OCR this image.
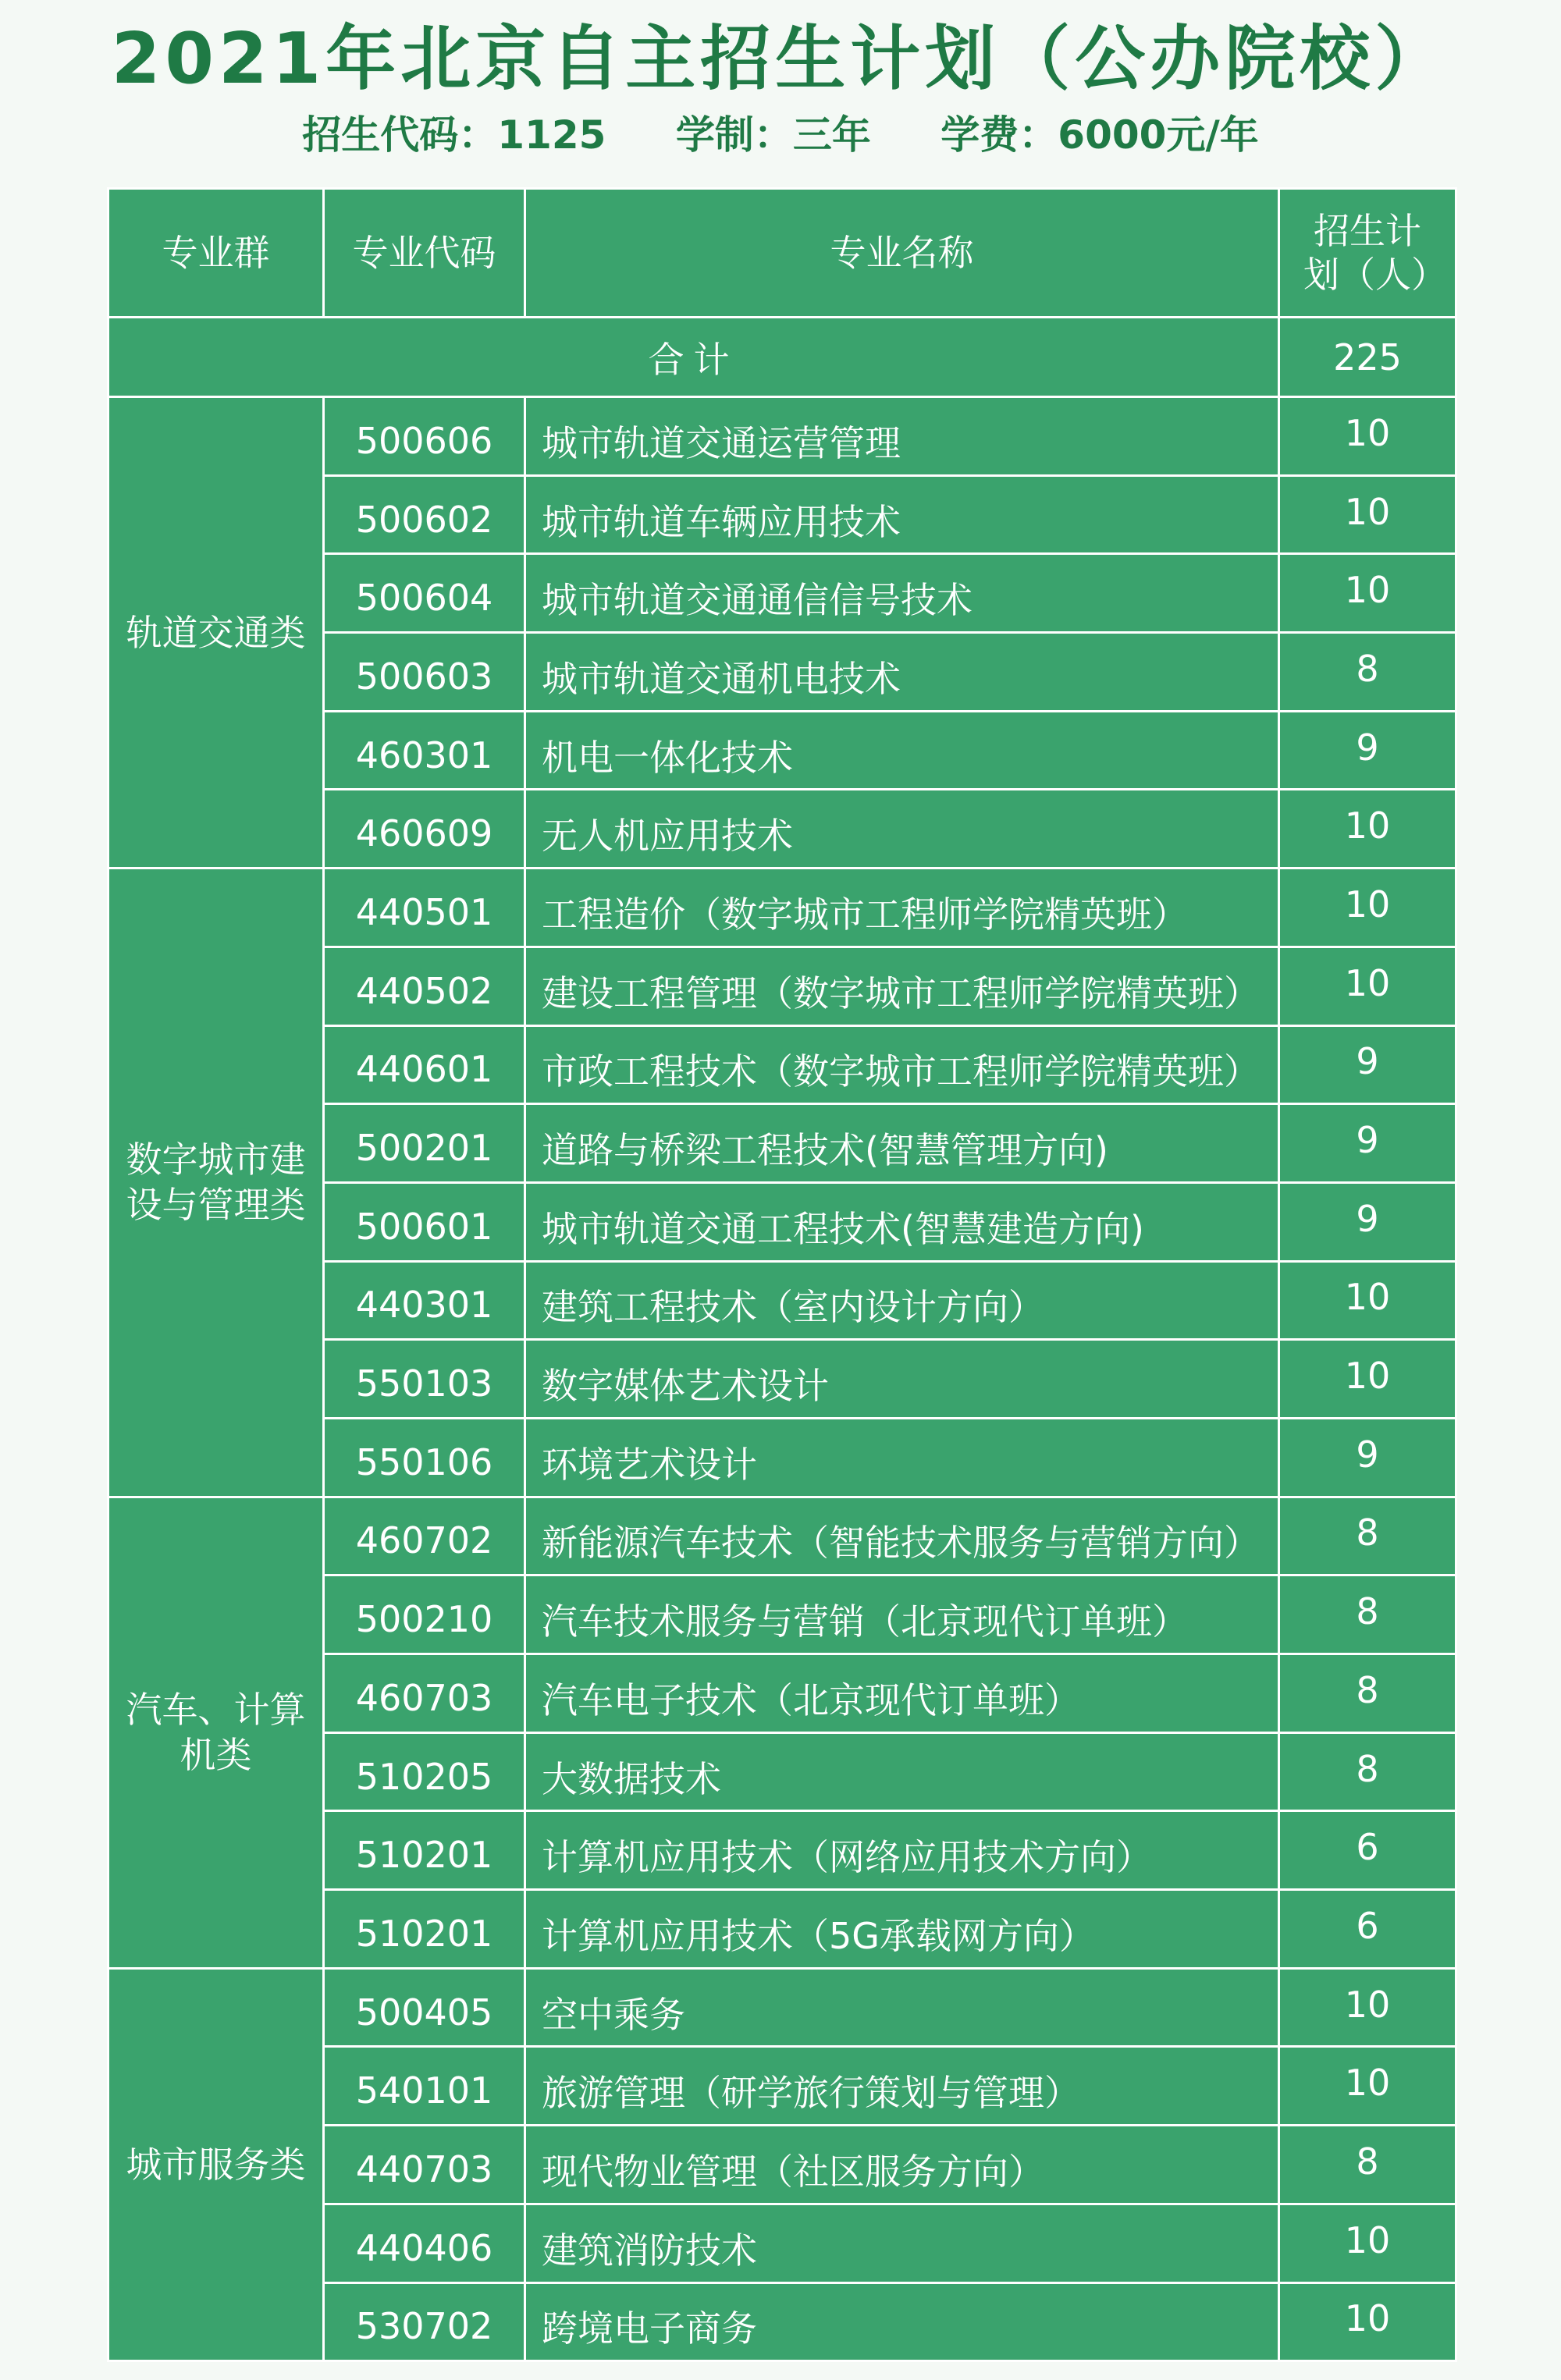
2021年北京自主招生计划（公办院校）
招生代码：1125 学制：三年 学费：6000元/年
专业群	专业代码	专业名称	招生计划（人）
合计			225
轨道交通类	500606	城市轨道交通运营管理	10
	500602	城市轨道车辆应用技术	10
	500604	城市轨道交通通信信号技术	10
	500603	城市轨道交通机电技术	8
	460301	机电一体化技术	9
	460609	无人机应用技术	10
数字城市建设与管理类	440501	工程造价（数字城市工程师学院精英班）	10
	440502	建设工程管理（数字城市工程师学院精英班）	10
	440601	市政工程技术（数字城市工程师学院精英班）	9
	500201	道路与桥梁工程技术(智慧管理方向)	9
	500601	城市轨道交通工程技术(智慧建造方向)	9
	440301	建筑工程技术（室内设计方向）	10
	550103	数字媒体艺术设计	10
	550106	环境艺术设计	9
汽车、计算机类	460702	新能源汽车技术（智能技术服务与营销方向）	8
	500210	汽车技术服务与营销（北京现代订单班）	8
	460703	汽车电子技术（北京现代订单班）	8
	510205	大数据技术	8
	510201	计算机应用技术（网络应用技术方向）	6
	510201	计算机应用技术（5G承载网方向）	6
城市服务类	500405	空中乘务	10
	540101	旅游管理（研学旅行策划与管理）	10
	440703	现代物业管理（社区服务方向）	8
	440406	建筑消防技术	10
	530702	跨境电子商务	10
